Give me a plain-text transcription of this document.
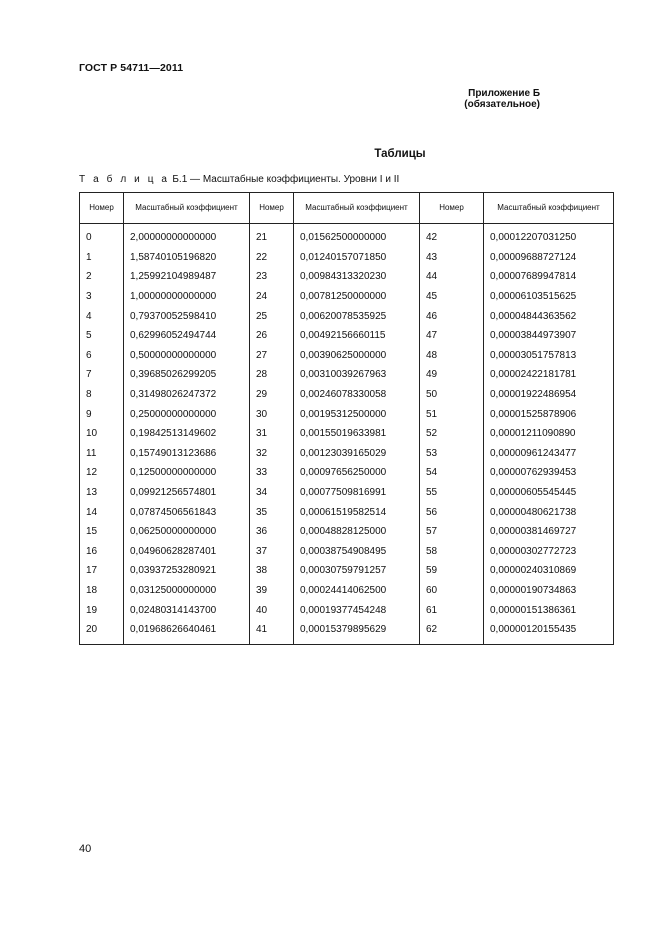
ГОСТ Р 54711—2011
Приложение Б
(обязательное)
Таблицы
Т а б л и ц а Б.1 — Масштабные коэффициенты. Уровни I и II
Номер	Масштабный коэффициент	Номер	Масштабный коэффициент	Номер	Масштабный коэффициент
0	2,00000000000000	21	0,01562500000000	42	0,00012207031250
1	1,58740105196820	22	0,01240157071850	43	0,00009688727124
2	1,25992104989487	23	0,00984313320230	44	0,00007689947814
3	1,00000000000000	24	0,00781250000000	45	0,00006103515625
4	0,79370052598410	25	0,00620078535925	46	0,00004844363562
5	0,62996052494744	26	0,00492156660115	47	0,00003844973907
6	0,50000000000000	27	0,00390625000000	48	0,00003051757813
7	0,39685026299205	28	0,00310039267963	49	0,00002422181781
8	0,31498026247372	29	0,00246078330058	50	0,00001922486954
9	0,25000000000000	30	0,00195312500000	51	0,00001525878906
10	0,19842513149602	31	0,00155019633981	52	0,00001211090890
11	0,15749013123686	32	0,00123039165029	53	0,00000961243477
12	0,12500000000000	33	0,00097656250000	54	0,00000762939453
13	0,09921256574801	34	0,00077509816991	55	0,00000605545445
14	0,07874506561843	35	0,00061519582514	56	0,00000480621738
15	0,06250000000000	36	0,00048828125000	57	0,00000381469727
16	0,04960628287401	37	0,00038754908495	58	0,00000302772723
17	0,03937253280921	38	0,00030759791257	59	0,00000240310869
18	0,03125000000000	39	0,00024414062500	60	0,00000190734863
19	0,02480314143700	40	0,00019377454248	61	0,00000151386361
20	0,01968626640461	41	0,00015379895629	62	0,00000120155435
40
